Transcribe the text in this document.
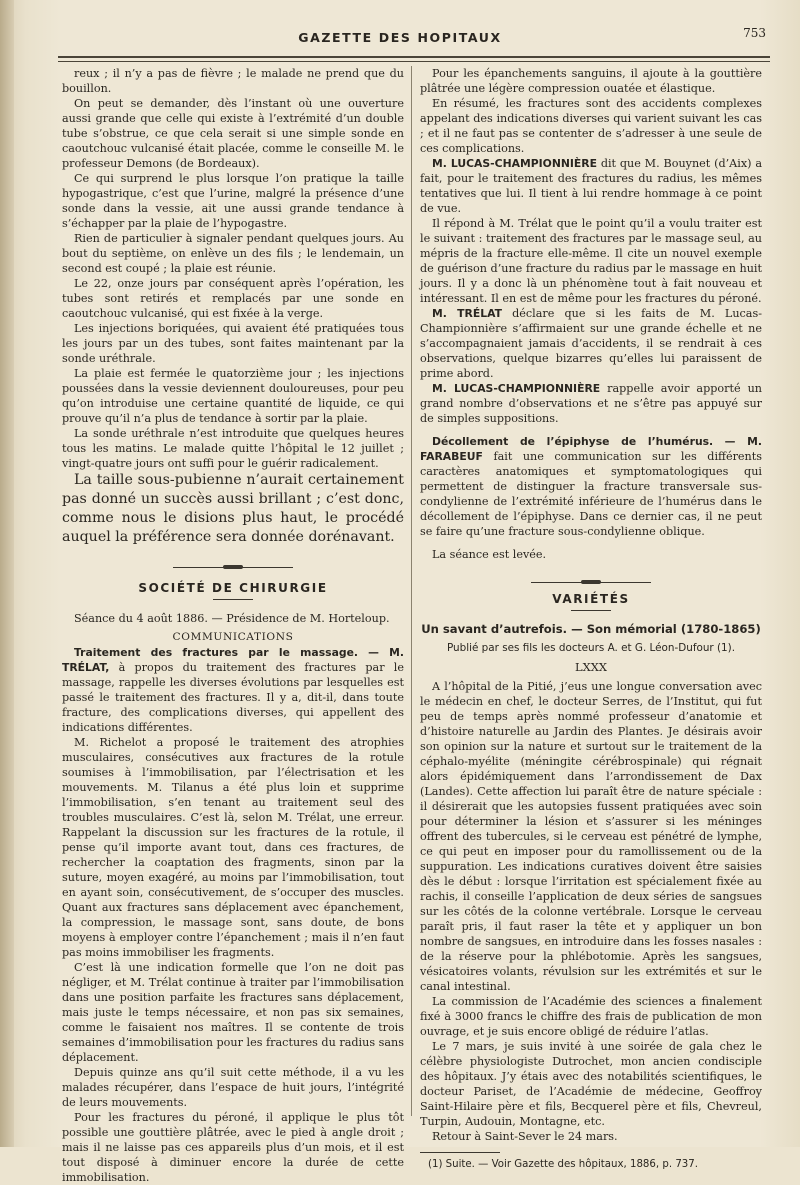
GAZETTE DES HOPITAUX	753

reux ; il n’y a pas de fièvre ; le malade ne prend que du bouillon.

On peut se demander, dès l’instant où une ouverture aussi grande que celle qui existe à l’extrémité d’un double tube s’obstrue, ce que cela serait si une simple sonde en caoutchouc vulcanisé était placée, comme le conseille M. le professeur Demons (de Bordeaux).

Ce qui surprend le plus lorsque l’on pratique la taille hypogastrique, c’est que l’urine, malgré la présence d’une sonde dans la vessie, ait une aussi grande tendance à s’échapper par la plaie de l’hypogastre.

Rien de particulier à signaler pendant quelques jours. Au bout du septième, on enlève un des fils ; le lendemain, un second est coupé ; la plaie est réunie.

Le 22, onze jours par conséquent après l’opération, les tubes sont retirés et remplacés par une sonde en caoutchouc vulcanisé, qui est fixée à la verge.

Les injections boriquées, qui avaient été pratiquées tous les jours par un des tubes, sont faites maintenant par la sonde uréthrale.

La plaie est fermée le quatorzième jour ; les injections poussées dans la vessie deviennent douloureuses, pour peu qu’on introduise une certaine quantité de liquide, ce qui prouve qu’il n’a plus de tendance à sortir par la plaie.

La sonde uréthrale n’est introduite que quelques heures tous les matins. Le malade quitte l’hôpital le 12 juillet ; vingt-quatre jours ont suffi pour le guérir radicalement.

La taille sous-pubienne n’aurait certainement pas donné un succès aussi brillant ; c’est donc, comme nous le disions plus haut, le procédé auquel la préférence sera donnée dorénavant.

SOCIÉTÉ DE CHIRURGIE

Séance du 4 août 1886. — Présidence de M. Horteloup.

COMMUNICATIONS

Traitement des fractures par le massage. — M. TRÉLAT, à propos du traitement des fractures par le massage, rappelle les diverses évolutions par lesquelles est passé le traitement des fractures. Il y a, dit-il, dans toute fracture, des complications diverses, qui appellent des indications différentes.

M. Richelot a proposé le traitement des atrophies musculaires, consécutives aux fractures de la rotule soumises à l’immobilisation, par l’électrisation et les mouvements. M. Tilanus a été plus loin et supprime l’immobilisation, s’en tenant au traitement seul des troubles musculaires. C’est là, selon M. Trélat, une erreur. Rappelant la discussion sur les fractures de la rotule, il pense qu’il importe avant tout, dans ces fractures, de rechercher la coaptation des fragments, sinon par la suture, moyen exagéré, au moins par l’immobilisation, tout en ayant soin, consécutivement, de s’occuper des muscles. Quant aux fractures sans déplacement avec épanchement, la compression, le massage sont, sans doute, de bons moyens à employer contre l’épanchement ; mais il n’en faut pas moins immobiliser les fragments.

C’est là une indication formelle que l’on ne doit pas négliger, et M. Trélat continue à traiter par l’immobilisation dans une position parfaite les fractures sans déplacement, mais juste le temps nécessaire, et non pas six semaines, comme le faisaient nos maîtres. Il se contente de trois semaines d’immobilisation pour les fractures du radius sans déplacement.

Depuis quinze ans qu’il suit cette méthode, il a vu les malades récupérer, dans l’espace de huit jours, l’intégrité de leurs mouvements.

Pour les fractures du péroné, il applique le plus tôt possible une gouttière plâtrée, avec le pied à angle droit ; mais il ne laisse pas ces appareils plus d’un mois, et il est tout disposé à diminuer encore la durée de cette immobilisation.

Pour les épanchements sanguins, il ajoute à la gouttière plâtrée une légère compression ouatée et élastique.

En résumé, les fractures sont des accidents complexes appelant des indications diverses qui varient suivant les cas ; et il ne faut pas se contenter de s’adresser à une seule de ces complications.

M. LUCAS-CHAMPIONNIÈRE dit que M. Bouynet (d’Aix) a fait, pour le traitement des fractures du radius, les mêmes tentatives que lui. Il tient à lui rendre hommage à ce point de vue.

Il répond à M. Trélat que le point qu’il a voulu traiter est le suivant : traitement des fractures par le massage seul, au mépris de la fracture elle-même. Il cite un nouvel exemple de guérison d’une fracture du radius par le massage en huit jours. Il y a donc là un phénomène tout à fait nouveau et intéressant. Il en est de même pour les fractures du péroné.

M. TRÉLAT déclare que si les faits de M. Lucas-Championnière s’affirmaient sur une grande échelle et ne s’accompagnaient jamais d’accidents, il se rendrait à ces observations, quelque bizarres qu’elles lui paraissent de prime abord.

M. LUCAS-CHAMPIONNIÈRE rappelle avoir apporté un grand nombre d’observations et ne s’être pas appuyé sur de simples suppositions.

Décollement de l’épiphyse de l’humérus. — M. FARABEUF fait une communication sur les différents caractères anatomiques et symptomatologiques qui permettent de distinguer la fracture transversale sus-condylienne de l’extrémité inférieure de l’humérus dans le décollement de l’épiphyse. Dans ce dernier cas, il ne peut se faire qu’une fracture sous-condylienne oblique.

La séance est levée.

VARIÉTÉS

Un savant d’autrefois. — Son mémorial (1780-1865)

Publié par ses fils les docteurs A. et G. Léon-Dufour (1).

LXXX

A l’hôpital de la Pitié, j’eus une longue conversation avec le médecin en chef, le docteur Serres, de l’Institut, qui fut peu de temps après nommé professeur d’anatomie et d’histoire naturelle au Jardin des Plantes. Je désirais avoir son opinion sur la nature et surtout sur le traitement de la céphalo-myélite (méningite cérébrospinale) qui régnait alors épidémiquement dans l’arrondissement de Dax (Landes). Cette affection lui paraît être de nature spéciale : il désirerait que les autopsies fussent pratiquées avec soin pour déterminer la lésion et s’assurer si les méninges offrent des tubercules, si le cerveau est pénétré de lymphe, ce qui peut en imposer pour du ramollissement ou de la suppuration. Les indications curatives doivent être saisies dès le début : lorsque l’irritation est spécialement fixée au rachis, il conseille l’application de deux séries de sangsues sur les côtés de la colonne vertébrale. Lorsque le cerveau paraît pris, il faut raser la tête et y appliquer un bon nombre de sangsues, en introduire dans les fosses nasales : de la réserve pour la phlébotomie. Après les sangsues, vésicatoires volants, révulsion sur les extrémités et sur le canal intestinal.

La commission de l’Académie des sciences a finalement fixé à 3000 francs le chiffre des frais de publication de mon ouvrage, et je suis encore obligé de réduire l’atlas.

Le 7 mars, je suis invité à une soirée de gala chez le célèbre physiologiste Dutrochet, mon ancien condisciple des hôpitaux. J’y étais avec des notabilités scientifiques, le docteur Pariset, de l’Académie de médecine, Geoffroy Saint-Hilaire père et fils, Becquerel père et fils, Chevreul, Turpin, Audouin, Montagne, etc.

Retour à Saint-Sever le 24 mars.

(1) Suite. — Voir Gazette des hôpitaux, 1886, p. 737.
